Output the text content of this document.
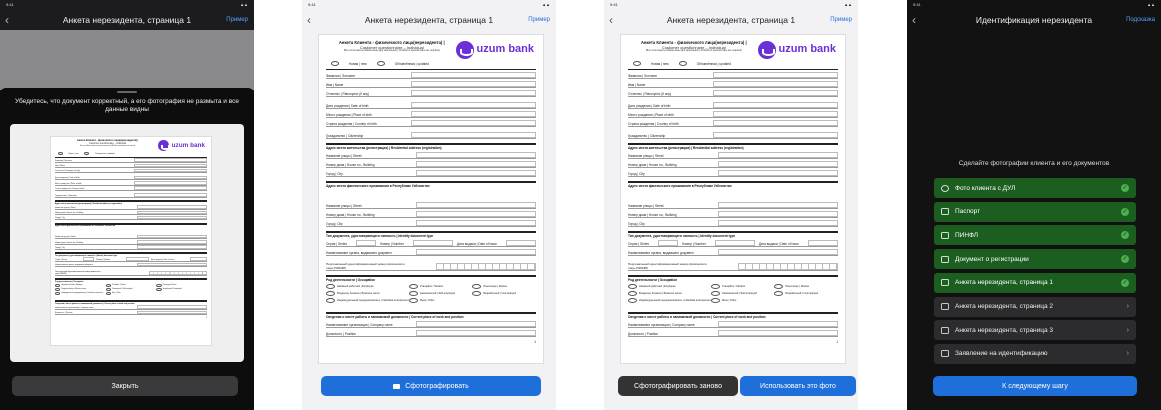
9:41	▲▲
‹	Анкета нерезидента, страница 1	Пример
Убедитесь, что документ корректный, а его фотография не размыта и все данные видны
Анкета Клиента - физического лица(нерезидента) |
Customer questionnaire – Individual
(Все поля Анкеты обязательны для заполнения | All fields of questionnaire are required)	uzum bank
Новая | new	Обновлённая | updated
Фамилия | Surname
Имя | Name
Отчество | Patronymic (if any)
Дата рождения | Date of birth
Место рождения | Place of birth
Страна рождения | Country of birth
Гражданство | Citizenship
Адрес места жительства (регистрации) | Residential address (registration)
Название улицы | Street
Номер дома | House no., Building
Город | City
Адрес места фактического проживания в Республике Узбекистан
Название улицы | Street
Номер дома | House no., Building
Город | City
Тип документа, удостоверяющего личность | Identity document type
Серия | Series	Номер | Number	Дата выдачи | Date of issue
Наименование органа, выдавшего документ
Персональный идентификационный номер физического лица (ПИНФЛ)
Род деятельности | Occupation
Наёмный работник | Employee	Учащийся / Student	Пенсионер | Retiree
Владелец бизнеса | Business owner	Самозанятый | Self-employed	Безработный | Unemployed
Индивидуальный предприниматель | Individual entrepreneur	Иное | Other
Сведения о месте работы и занимаемой должности | Current place of work and position
Наименование организации | Company name
Должность | Position
1
Закрыть
9:41	▲▲
‹	Анкета нерезидента, страница 1	Пример
Анкета Клиента - физического лица(нерезидента) |
Customer questionnaire – Individual
(Все поля Анкеты обязательны для заполнения | All fields of questionnaire are required)	uzum bank
Новая | new	Обновлённая | updated
Фамилия | Surname
Имя | Name
Отчество | Patronymic (if any)
Дата рождения | Date of birth
Место рождения | Place of birth
Страна рождения | Country of birth
Гражданство | Citizenship
Адрес места жительства (регистрации) | Residential address (registration)
Название улицы | Street
Номер дома | House no., Building
Город | City
Адрес места фактического проживания в Республике Узбекистан
Название улицы | Street
Номер дома | House no., Building
Город | City
Тип документа, удостоверяющего личность | Identity document type
Серия | Series	Номер | Number	Дата выдачи | Date of issue
Наименование органа, выдавшего документ
Персональный идентификационный номер физического лица (ПИНФЛ)
Род деятельности | Occupation
Наёмный работник | Employee	Учащийся / Student	Пенсионер | Retiree
Владелец бизнеса | Business owner	Самозанятый | Self-employed	Безработный | Unemployed
Индивидуальный предприниматель | Individual entrepreneur	Иное | Other
Сведения о месте работы и занимаемой должности | Current place of work and position
Наименование организации | Company name
Должность | Position
1
Сфотографировать
9:41	▲▲
‹	Анкета нерезидента, страница 1	Пример
Анкета Клиента - физического лица(нерезидента) |
Customer questionnaire – Individual
(Все поля Анкеты обязательны для заполнения | All fields of questionnaire are required)	uzum bank
Новая | new	Обновлённая | updated
Фамилия | Surname
Имя | Name
Отчество | Patronymic (if any)
Дата рождения | Date of birth
Место рождения | Place of birth
Страна рождения | Country of birth
Гражданство | Citizenship
Адрес места жительства (регистрации) | Residential address (registration)
Название улицы | Street
Номер дома | House no., Building
Город | City
Адрес места фактического проживания в Республике Узбекистан
Название улицы | Street
Номер дома | House no., Building
Город | City
Тип документа, удостоверяющего личность | Identity document type
Серия | Series	Номер | Number	Дата выдачи | Date of issue
Наименование органа, выдавшего документ
Персональный идентификационный номер физического лица (ПИНФЛ)
Род деятельности | Occupation
Наёмный работник | Employee	Учащийся / Student	Пенсионер | Retiree
Владелец бизнеса | Business owner	Самозанятый | Self-employed	Безработный | Unemployed
Индивидуальный предприниматель | Individual entrepreneur	Иное | Other
Сведения о месте работы и занимаемой должности | Current place of work and position
Наименование организации | Company name
Должность | Position
1
Сфотографировать заново	Использовать это фото
9:41	▲▲
‹	Идентификация нерезидента	Подсказка
Сделайте фотографии клиента и его документов
Фото клиента с ДУЛ	✓
Паспорт	✓
ПИНФЛ	✓
Документ о регистрации	✓
Анкета нерезидента, страница 1	✓
Анкета нерезидента, страница 2	›
Анкета нерезидента, страница 3	›
Заявление на идентификацию	›
К следующему шагу
